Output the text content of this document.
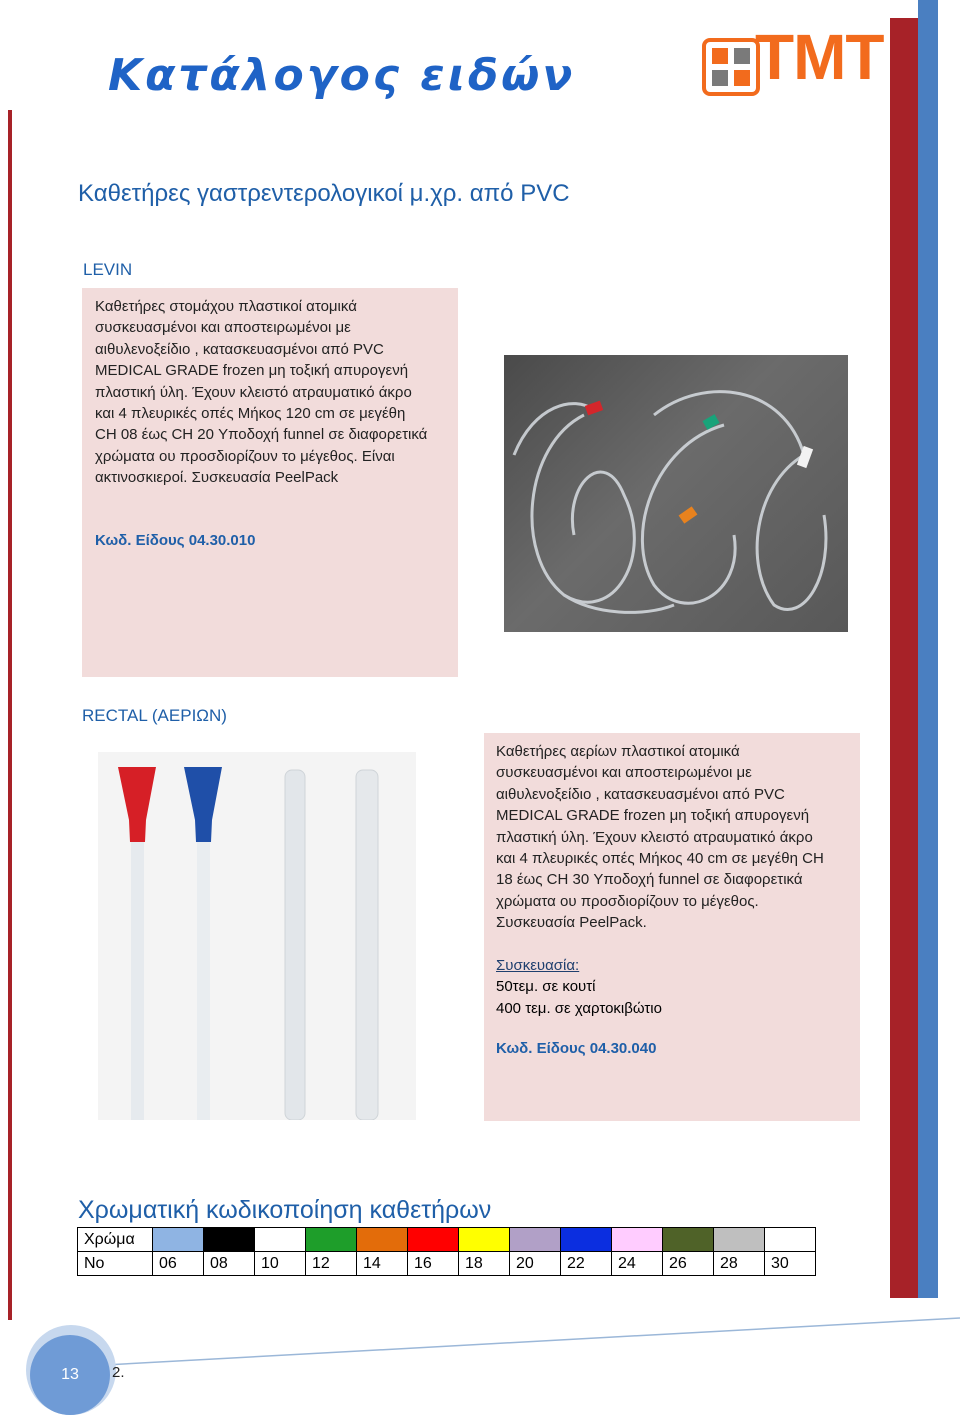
Κατάλογος ειδών	TMT
Καθετήρες γαστρεντερολογικοί μ.χρ. από PVC
LEVIN
Καθετήρες στομάχου πλαστικοί ατομικά
συσκευασμένοι και αποστειρωμένοι με
αιθυλενοξείδιο , κατασκευασμένοι από PVC
MEDICAL GRADE frozen μη τοξική απυρογενή
πλαστική ύλη. Έχουν κλειστό ατραυματικό άκρο
και 4 πλευρικές οπές Μήκος 120 cm σε μεγέθη
CH 08 έως CH 20 Υποδοχή funnel σε διαφορετικά
χρώματα ου προσδιορίζουν το μέγεθος. Είναι
ακτινοσκιεροί. Συσκευασία PeelPack
Κωδ. Είδους 04.30.010
RECTAL (ΑΕΡΙΩΝ)
Καθετήρες αερίων πλαστικοί ατομικά
συσκευασμένοι και αποστειρωμένοι με
αιθυλενοξείδιο , κατασκευασμένοι από PVC
MEDICAL GRADE frozen μη τοξική απυρογενή
πλαστική ύλη. Έχουν κλειστό ατραυματικό άκρο
και 4 πλευρικές οπές Μήκος 40 cm σε μεγέθη CH
18 έως CH 30 Υποδοχή funnel σε διαφορετικά
χρώματα ου προσδιορίζουν το μέγεθος.
Συσκευασία PeelPack.
Συσκευασία:
50τεμ. σε κουτί
400 τεμ. σε χαρτοκιβώτιο
Κωδ. Είδους 04.30.040
Χρωματική κωδικοποίηση καθετήρων
Χρώμα													
No	06	08	10	12	14	16	18	20	22	24	26	28	30
13 2.
